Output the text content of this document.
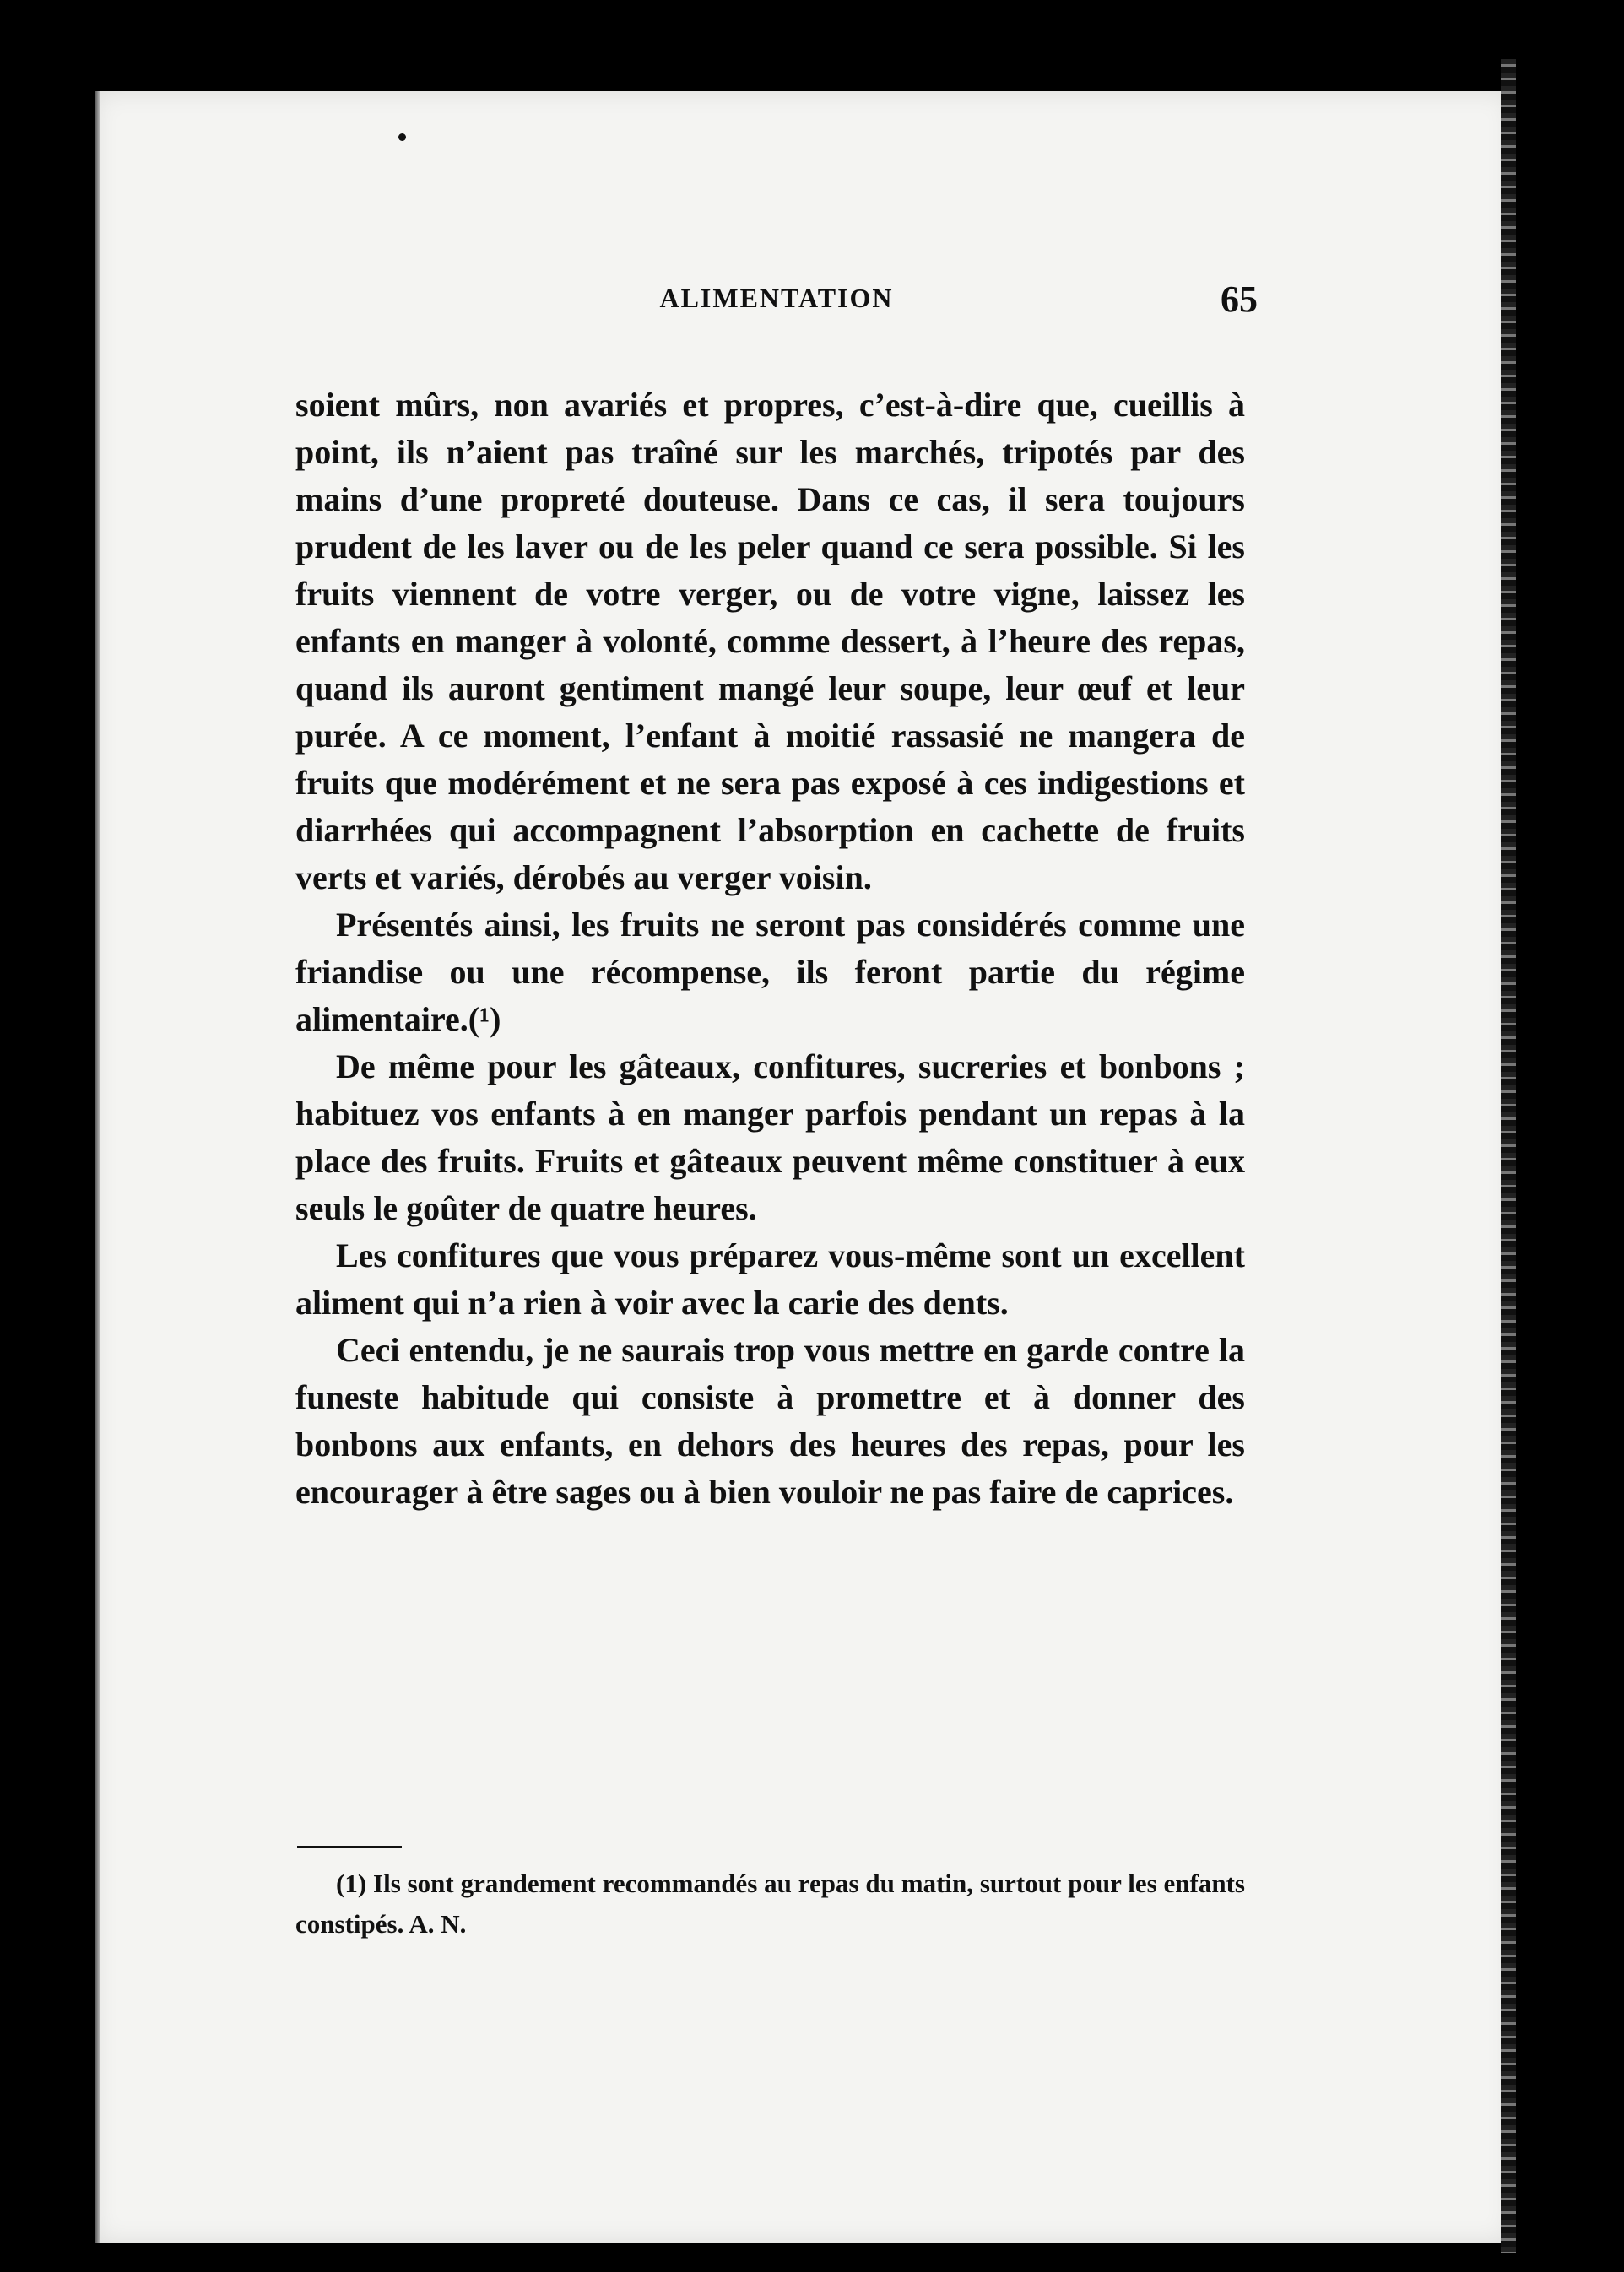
ALIMENTATION	65

soient mûrs, non avariés et propres, c’est-à-dire que, cueillis à point, ils n’aient pas traîné sur les marchés, tripotés par des mains d’une propreté douteuse. Dans ce cas, il sera toujours prudent de les laver ou de les peler quand ce sera possible. Si les fruits viennent de votre verger, ou de votre vigne, laissez les enfants en manger à volonté, comme dessert, à l’heure des repas, quand ils auront gentiment mangé leur soupe, leur œuf et leur purée. A ce moment, l’enfant à moitié rassasié ne mangera de fruits que modérément et ne sera pas exposé à ces indigestions et diarrhées qui accompagnent l’absorption en cachette de fruits verts et variés, dérobés au verger voisin.

Présentés ainsi, les fruits ne seront pas considérés comme une friandise ou une récompense, ils feront partie du régime alimentaire.(¹)

De même pour les gâteaux, confitures, sucreries et bonbons ; habituez vos enfants à en manger parfois pendant un repas à la place des fruits. Fruits et gâteaux peuvent même constituer à eux seuls le goûter de quatre heures.

Les confitures que vous préparez vous-même sont un excellent aliment qui n’a rien à voir avec la carie des dents.

Ceci entendu, je ne saurais trop vous mettre en garde contre la funeste habitude qui consiste à promettre et à donner des bonbons aux enfants, en dehors des heures des repas, pour les encourager à être sages ou à bien vouloir ne pas faire de caprices.

(1) Ils sont grandement recommandés au repas du matin, surtout pour les enfants constipés. A. N.
